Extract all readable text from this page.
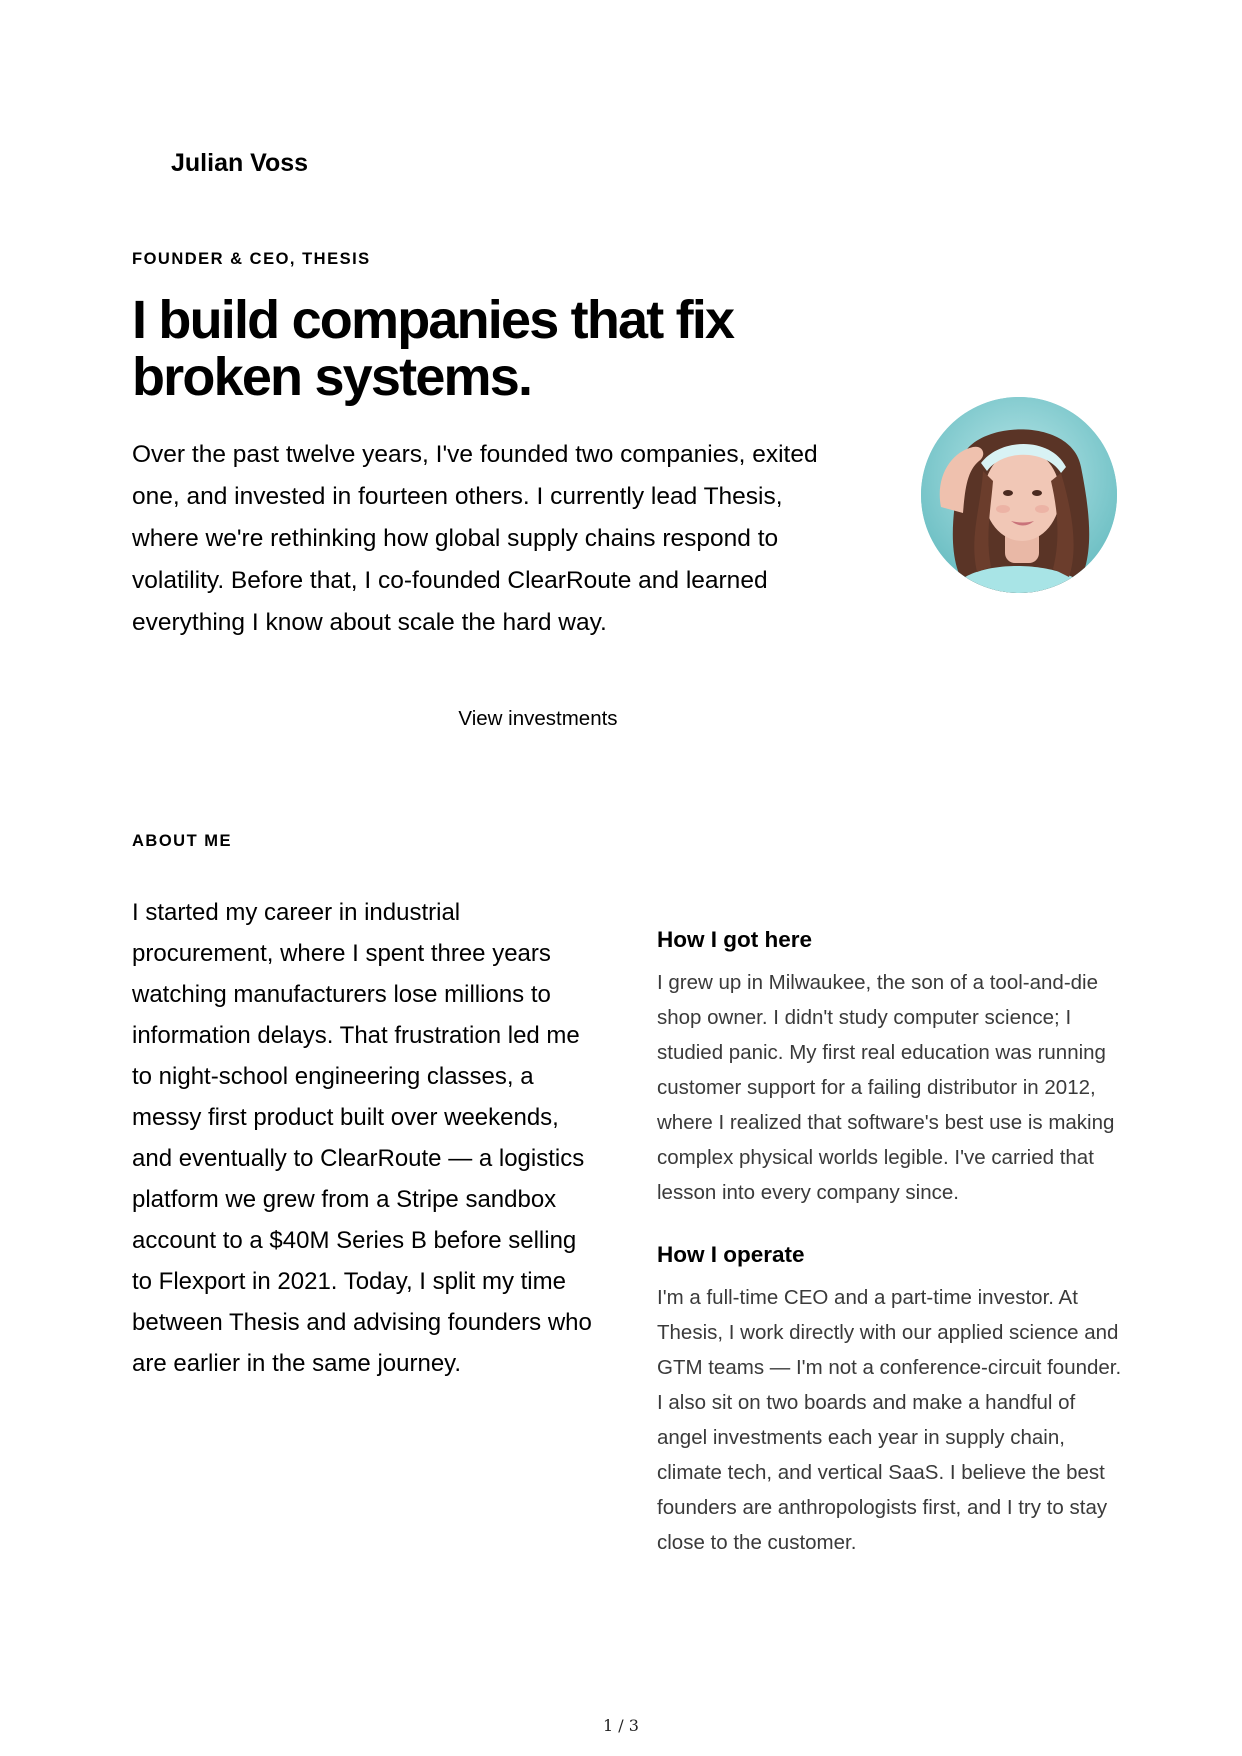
Julian Voss

FOUNDER & CEO, THESIS

I build companies that fix broken systems.

Over the past twelve years, I've founded two companies, exited one, and invested in fourteen others. I currently lead Thesis, where we're rethinking how global supply chains respond to volatility. Before that, I co-founded ClearRoute and learned everything I know about scale the hard way.

View investments

ABOUT ME

I started my career in industrial procurement, where I spent three years watching manufacturers lose millions to information delays. That frustration led me to night-school engineering classes, a messy first product built over weekends, and eventually to ClearRoute — a logistics platform we grew from a Stripe sandbox account to a $40M Series B before selling to Flexport in 2021. Today, I split my time between Thesis and advising founders who are earlier in the same journey.

How I got here

I grew up in Milwaukee, the son of a tool-and-die shop owner. I didn't study computer science; I studied panic. My first real education was running customer support for a failing distributor in 2012, where I realized that software's best use is making complex physical worlds legible. I've carried that lesson into every company since.

How I operate

I'm a full-time CEO and a part-time investor. At Thesis, I work directly with our applied science and GTM teams — I'm not a conference-circuit founder. I also sit on two boards and make a handful of angel investments each year in supply chain, climate tech, and vertical SaaS. I believe the best founders are anthropologists first, and I try to stay close to the customer.

1 / 3
